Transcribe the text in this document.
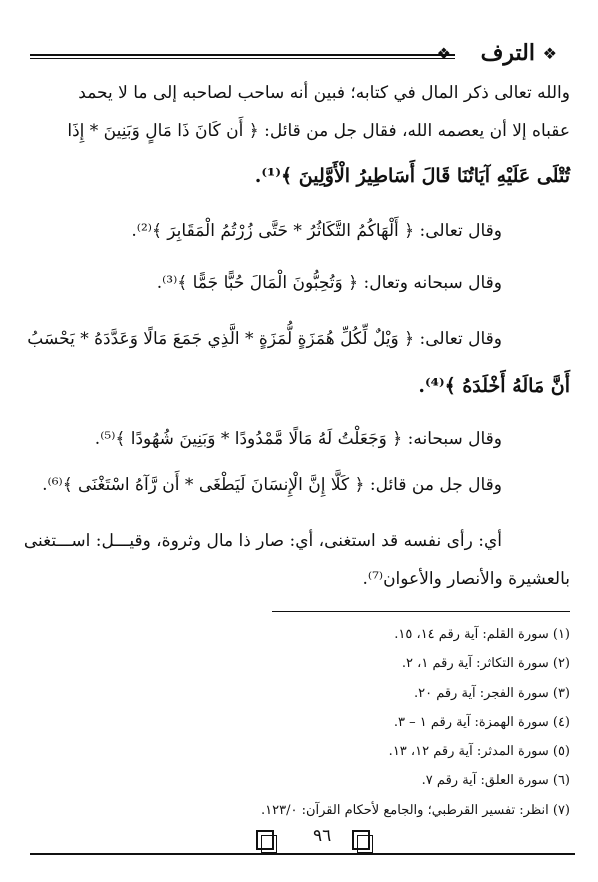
❖ الترف ❖
والله تعالى ذكر المال في كتابه؛ فبين أنه ساحب لصاحبه إلى ما لا يحمد
عقباه إلا أن يعصمه الله، فقال جل من قائل: ﴿ أَن كَانَ ذَا مَالٍ وَبَنِينَ * إِذَا
تُتْلَى عَلَيْهِ آيَاتُنَا قَالَ أَسَاطِيرُ الْأَوَّلِينَ ﴾⁽¹⁾.
وقال تعالى: ﴿ أَلْهَاكُمُ التَّكَاثُرُ * حَتَّى زُرْتُمُ الْمَقَابِرَ ﴾⁽²⁾.
وقال سبحانه وتعال: ﴿ وَتُحِبُّونَ الْمَالَ حُبًّا جَمًّا ﴾⁽³⁾.
وقال تعالى: ﴿ وَيْلٌ لِّكُلِّ هُمَزَةٍ لُّمَزَةٍ * الَّذِي جَمَعَ مَالًا وَعَدَّدَهُ * يَحْسَبُ
أَنَّ مَالَهُ أَخْلَدَهُ ﴾⁽⁴⁾.
وقال سبحانه: ﴿ وَجَعَلْتُ لَهُ مَالًا مَّمْدُودًا * وَبَنِينَ شُهُودًا ﴾⁽⁵⁾.
وقال جل من قائل: ﴿ كَلَّا إِنَّ الْإِنسَانَ لَيَطْغَى * أَن رَّآهُ اسْتَغْنَى ﴾⁽⁶⁾.
أي: رأى نفسه قد استغنى، أي: صار ذا مال وثروة، وقيـــل: اســـتغنى
بالعشيرة والأنصار والأعوان⁽⁷⁾.
(١) سورة القلم: آية رقم ١٤، ١٥.
(٢) سورة التكاثر: آية رقم ١، ٢.
(٣) سورة الفجر: آية رقم ٢٠.
(٤) سورة الهمزة: آية رقم ١ – ٣.
(٥) سورة المدثر: آية رقم ١٢، ١٣.
(٦) سورة العلق: آية رقم ٧.
(٧) انظر: تفسير القرطبي؛ والجامع لأحكام القرآن: ١٢٣/٠.
٩٦
